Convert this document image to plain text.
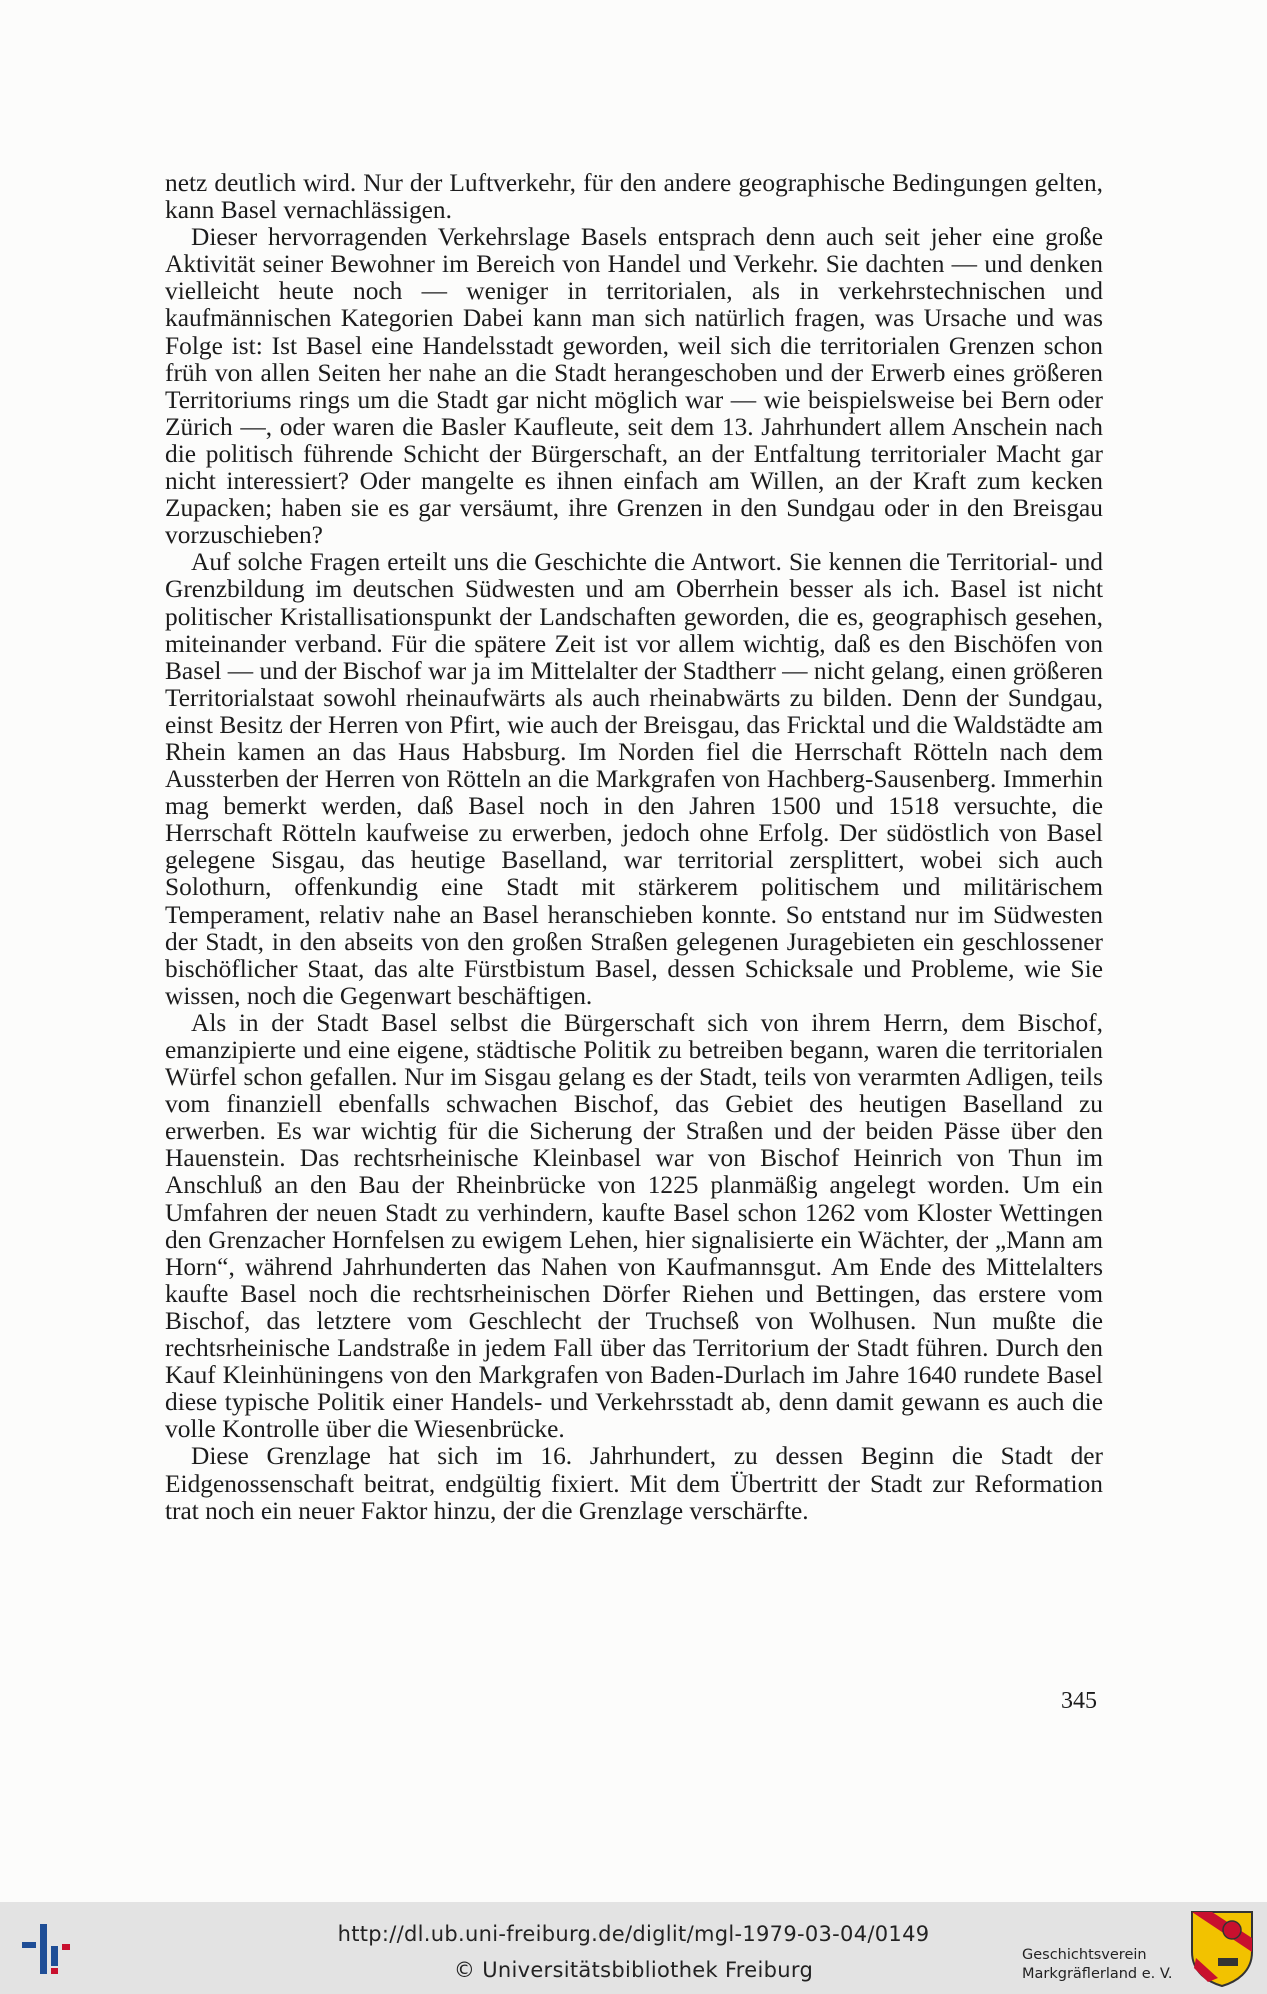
netz deutlich wird. Nur der Luftverkehr, für den andere geographische Bedingungen gelten, kann Basel vernachlässigen.

Dieser hervorragenden Verkehrslage Basels entsprach denn auch seit jeher eine große Aktivität seiner Bewohner im Bereich von Handel und Verkehr. Sie dachten — und denken vielleicht heute noch — weniger in territorialen, als in verkehrstechnischen und kaufmännischen Kategorien Dabei kann man sich natürlich fragen, was Ursache und was Folge ist: Ist Basel eine Handelsstadt geworden, weil sich die territorialen Grenzen schon früh von allen Seiten her nahe an die Stadt herangeschoben und der Erwerb eines größeren Territoriums rings um die Stadt gar nicht möglich war — wie beispielsweise bei Bern oder Zürich —, oder waren die Basler Kaufleute, seit dem 13. Jahrhundert allem Anschein nach die politisch führende Schicht der Bürgerschaft, an der Entfaltung territorialer Macht gar nicht interessiert? Oder mangelte es ihnen einfach am Willen, an der Kraft zum kecken Zupacken; haben sie es gar versäumt, ihre Grenzen in den Sundgau oder in den Breisgau vorzuschieben?

Auf solche Fragen erteilt uns die Geschichte die Antwort. Sie kennen die Territorial- und Grenzbildung im deutschen Südwesten und am Oberrhein besser als ich. Basel ist nicht politischer Kristallisationspunkt der Landschaften geworden, die es, geographisch gesehen, miteinander verband. Für die spätere Zeit ist vor allem wichtig, daß es den Bischöfen von Basel — und der Bischof war ja im Mittelalter der Stadtherr — nicht gelang, einen größeren Territorialstaat sowohl rheinaufwärts als auch rheinabwärts zu bilden. Denn der Sundgau, einst Besitz der Herren von Pfirt, wie auch der Breisgau, das Fricktal und die Waldstädte am Rhein kamen an das Haus Habsburg. Im Norden fiel die Herrschaft Rötteln nach dem Aussterben der Herren von Rötteln an die Markgrafen von Hachberg-Sausenberg. Immerhin mag bemerkt werden, daß Basel noch in den Jahren 1500 und 1518 versuchte, die Herrschaft Rötteln kaufweise zu erwerben, jedoch ohne Erfolg. Der südöstlich von Basel gelegene Sisgau, das heutige Baselland, war territorial zersplittert, wobei sich auch Solothurn, offenkundig eine Stadt mit stärkerem politischem und militärischem Temperament, relativ nahe an Basel heranschieben konnte. So entstand nur im Südwesten der Stadt, in den abseits von den großen Straßen gelegenen Juragebieten ein geschlossener bischöflicher Staat, das alte Fürstbistum Basel, dessen Schicksale und Probleme, wie Sie wissen, noch die Gegenwart beschäftigen.

Als in der Stadt Basel selbst die Bürgerschaft sich von ihrem Herrn, dem Bischof, emanzipierte und eine eigene, städtische Politik zu betreiben begann, waren die territorialen Würfel schon gefallen. Nur im Sisgau gelang es der Stadt, teils von verarmten Adligen, teils vom finanziell ebenfalls schwachen Bischof, das Gebiet des heutigen Baselland zu erwerben. Es war wichtig für die Sicherung der Straßen und der beiden Pässe über den Hauenstein. Das rechtsrheinische Kleinbasel war von Bischof Heinrich von Thun im Anschluß an den Bau der Rheinbrücke von 1225 planmäßig angelegt worden. Um ein Umfahren der neuen Stadt zu verhindern, kaufte Basel schon 1262 vom Kloster Wettingen den Grenzacher Hornfelsen zu ewigem Lehen, hier signalisierte ein Wächter, der „Mann am Horn“, während Jahrhunderten das Nahen von Kaufmannsgut. Am Ende des Mittelalters kaufte Basel noch die rechtsrheinischen Dörfer Riehen und Bettingen, das erstere vom Bischof, das letztere vom Geschlecht der Truchseß von Wolhusen. Nun mußte die rechtsrheinische Landstraße in jedem Fall über das Territorium der Stadt führen. Durch den Kauf Kleinhüningens von den Markgrafen von Baden-Durlach im Jahre 1640 rundete Basel diese typische Politik einer Handels- und Verkehrsstadt ab, denn damit gewann es auch die volle Kontrolle über die Wiesenbrücke.

Diese Grenzlage hat sich im 16. Jahrhundert, zu dessen Beginn die Stadt der Eidgenossenschaft beitrat, endgültig fixiert. Mit dem Übertritt der Stadt zur Reformation trat noch ein neuer Faktor hinzu, der die Grenzlage verschärfte.

345
http://dl.ub.uni-freiburg.de/diglit/mgl-1979-03-04/0149
© Universitätsbibliothek Freiburg
Geschichtsverein
Markgräflerland e. V.
